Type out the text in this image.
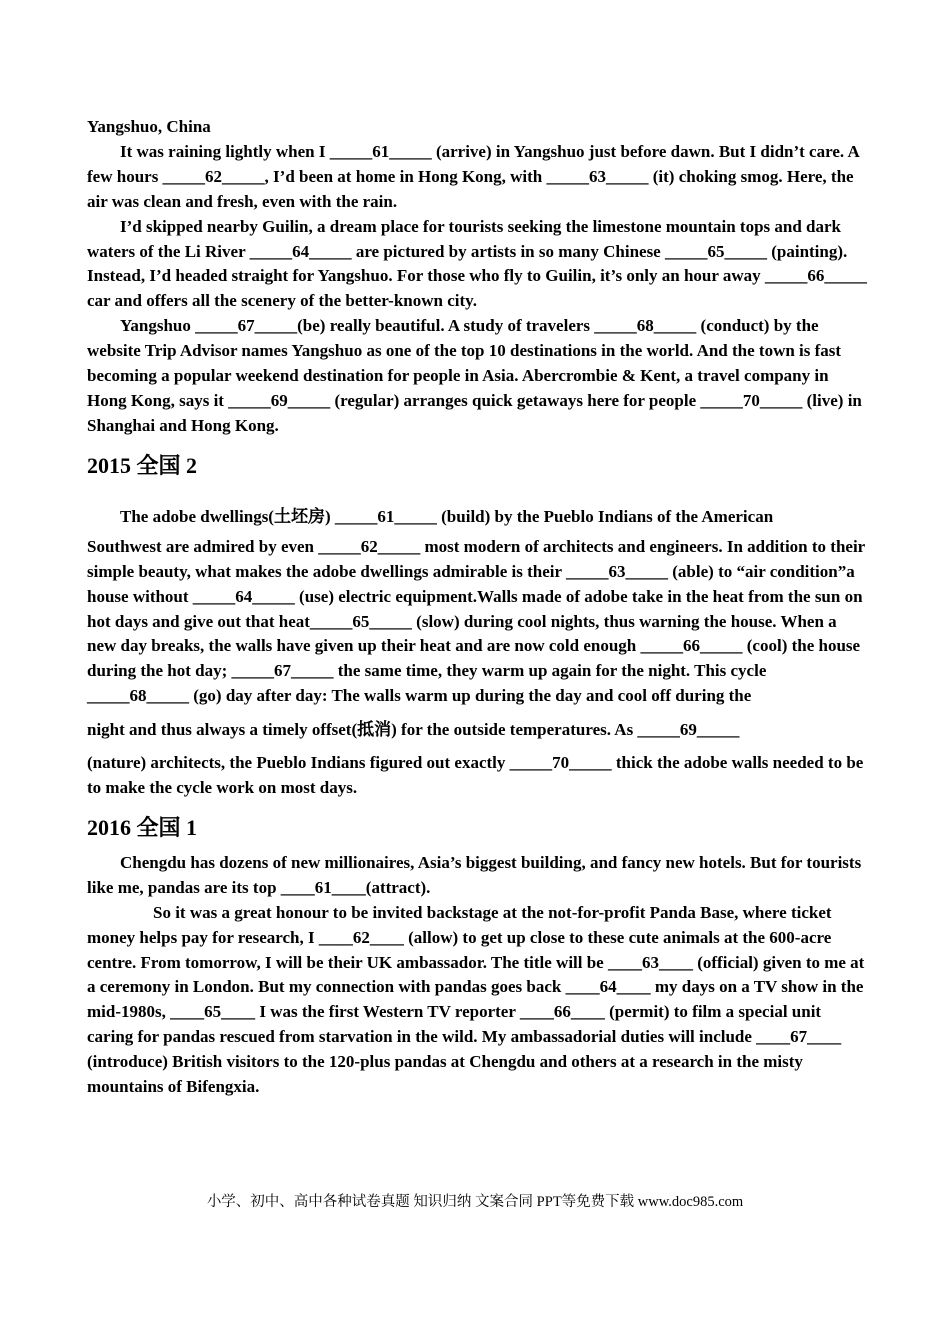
Yangshuo, China

It was raining lightly when I _____61_____ (arrive) in Yangshuo just before dawn. But I didn’t care. A few hours _____62_____, I’d been at home in Hong Kong, with _____63_____ (it) choking smog. Here, the air was clean and fresh, even with the rain.

I’d skipped nearby Guilin, a dream place for tourists seeking the limestone mountain tops and dark waters of the Li River _____64_____ are pictured by artists in so many Chinese _____65_____ (painting). Instead, I’d headed straight for Yangshuo. For those who fly to Guilin, it’s only an hour away _____66_____ car and offers all the scenery of the better-known city.

Yangshuo _____67_____(be) really beautiful. A study of travelers _____68_____ (conduct) by the website Trip Advisor names Yangshuo as one of the top 10 destinations in the world. And the town is fast becoming a popular weekend destination for people in Asia. Abercrombie & Kent, a travel company in Hong Kong, says it _____69_____ (regular) arranges quick getaways here for people _____70_____ (live) in Shanghai and Hong Kong.

2015 全国 2

The adobe dwellings(土坯房) _____61_____ (build) by the Pueblo Indians of the American

Southwest are admired by even _____62_____ most modern of architects and engineers. In addition to their simple beauty, what makes the adobe dwellings admirable is their _____63_____ (able) to “air condition”a house without _____64_____ (use) electric equipment.Walls made of adobe take in the heat from the sun on hot days and give out that heat_____65_____ (slow) during cool nights, thus warning the house. When a new day breaks, the walls have given up their heat and are now cold enough _____66_____ (cool) the house during the hot day; _____67_____ the same time, they warm up again for the night. This cycle _____68_____ (go) day after day: The walls warm up during the day and cool off during the

night and thus always a timely offset(抵消) for the outside temperatures. As _____69_____

(nature) architects, the Pueblo Indians figured out exactly _____70_____ thick the adobe walls needed to be to make the cycle work on most days.

2016 全国 1

Chengdu has dozens of new millionaires, Asia’s biggest building, and fancy new hotels. But for tourists like me, pandas are its top ____61____(attract).

So it was a great honour to be invited backstage at the not-for-profit Panda Base, where ticket money helps pay for research, I ____62____ (allow) to get up close to these cute animals at the 600-acre centre. From tomorrow, I will be their UK ambassador. The title will be ____63____ (official) given to me at a ceremony in London. But my connection with pandas goes back ____64____ my days on a TV show in the mid-1980s, ____65____ I was the first Western TV reporter ____66____ (permit) to film a special unit caring for pandas rescued from starvation in the wild. My ambassadorial duties will include ____67____ (introduce) British visitors to the 120-plus pandas at Chengdu and others at a research in the misty mountains of Bifengxia.

小学、初中、高中各种试卷真题 知识归纳 文案合同 PPT等免费下载 www.doc985.com
